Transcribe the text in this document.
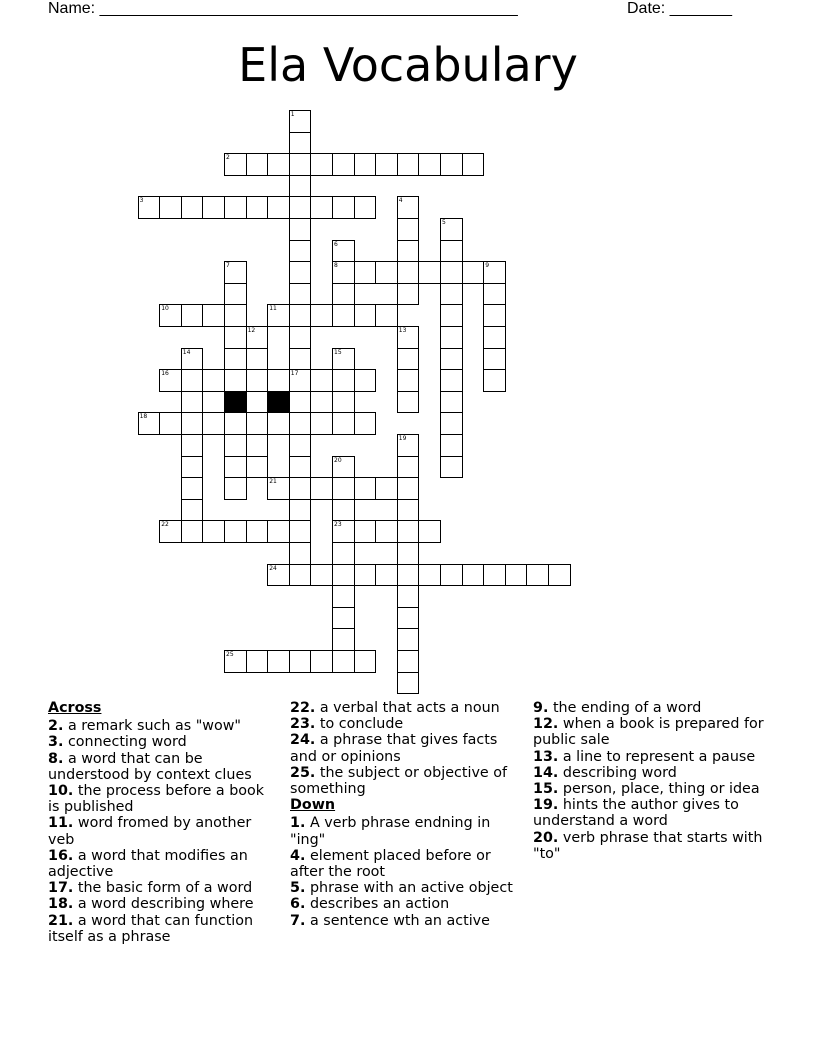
Name: _______________________________________________	Date: _______
Ela Vocabulary
1
17
2
3	4
5
6
8
7	9
10	11
12	13
14	15
16
18
19
20
23
21
22
24
25
Across
2. a remark such as "wow"
3. connecting word
8. a word that can be understood by context clues
10. the process before a book is published
11. word fromed by another veb
16. a word that modifies an adjective
17. the basic form of a word
18. a word describing where
21. a word that can function itself as a phrase
22. a verbal that acts a noun
23. to conclude
24. a phrase that gives facts and or opinions
25. the subject or objective of something
Down
1. A verb phrase endning in "ing"
4. element placed before or after the root
5. phrase with an active object
6. describes an action
7. a sentence wth an active
9. the ending of a word
12. when a book is prepared for public sale
13. a line to represent a pause
14. describing word
15. person, place, thing or idea
19. hints the author gives to understand a word
20. verb phrase that starts with "to"
